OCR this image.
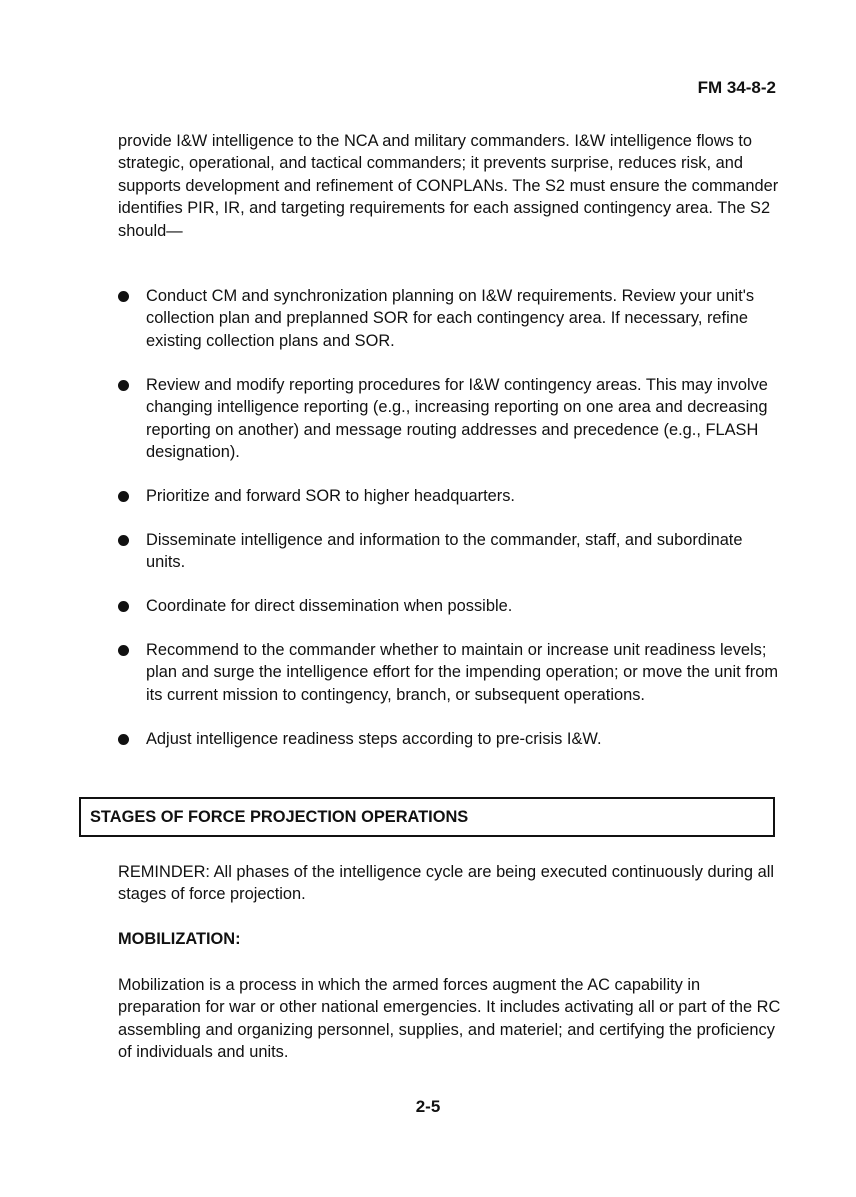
FM 34-8-2

provide I&W intelligence to the NCA and military commanders. I&W intelligence flows to strategic, operational, and tactical commanders; it prevents surprise, reduces risk, and supports development and refinement of CONPLANs. The S2 must ensure the commander identifies PIR, IR, and targeting requirements for each assigned contingency area. The S2 should—

Conduct CM and synchronization planning on I&W requirements. Review your unit's collection plan and preplanned SOR for each contingency area. If necessary, refine existing collection plans and SOR.
Review and modify reporting procedures for I&W contingency areas. This may involve changing intelligence reporting (e.g., increasing reporting on one area and decreasing reporting on another) and message routing addresses and precedence (e.g., FLASH designation).
Prioritize and forward SOR to higher headquarters.
Disseminate intelligence and information to the commander, staff, and subordinate units.
Coordinate for direct dissemination when possible.
Recommend to the commander whether to maintain or increase unit readiness levels; plan and surge the intelligence effort for the impending operation; or move the unit from its current mission to contingency, branch, or subsequent operations.
Adjust intelligence readiness steps according to pre-crisis I&W.
STAGES OF FORCE PROJECTION OPERATIONS

REMINDER: All phases of the intelligence cycle are being executed continuously during all stages of force projection.

MOBILIZATION:

Mobilization is a process in which the armed forces augment the AC capability in preparation for war or other national emergencies. It includes activating all or part of the RC assembling and organizing personnel, supplies, and materiel; and certifying the proficiency of individuals and units.

2-5
